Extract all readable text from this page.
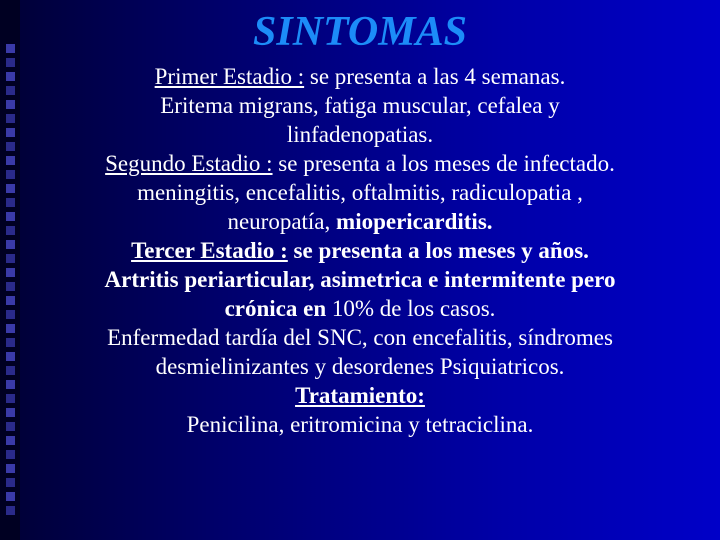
SINTOMAS
Primer Estadio : se presenta a las 4 semanas.
Eritema migrans, fatiga muscular, cefalea y
linfadenopatias.
Segundo Estadio : se presenta a los meses de infectado.
meningitis, encefalitis, oftalmitis, radiculopatia ,
neuropatía, miopericarditis.
Tercer Estadio : se presenta a los meses y años.
Artritis periarticular, asimetrica e intermitente pero
crónica en 10% de los casos.
Enfermedad tardía del SNC, con encefalitis, síndromes
desmielinizantes y desordenes Psiquiatricos.
Tratamiento:
Penicilina, eritromicina y tetraciclina.
